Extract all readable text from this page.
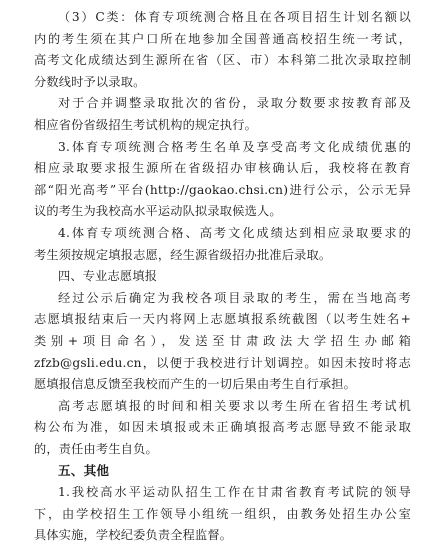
（3）C类：体育专项统测合格且在各项目招生计划名额以
内的考生须在其户口所在地参加全国普通高校招生统一考试，
高考文化成绩达到生源所在省（区、市）本科第二批次录取控制
分数线时予以录取。
对于合并调整录取批次的省份，录取分数要求按教育部及
相应省份省级招生考试机构的规定执行。
3.体育专项统测合格考生名单及享受高考文化成绩优惠的
相应录取要求报生源所在省级招办审核确认后，我校将在教育
部“阳光高考”平台(http://gaokao.chsi.cn)进行公示，公示无异
议的考生为我校高水平运动队拟录取候选人。
4.体育专项统测合格、高考文化成绩达到相应录取要求的
考生须按规定填报志愿，经生源省级招办批准后录取。
四、专业志愿填报
经过公示后确定为我校各项目录取的考生，需在当地高考
志愿填报结束后一天内将网上志愿填报系统截图（以考生姓名+
类别+项目命名），发送至甘肃政法大学招生办邮箱
zfzb@gsli.edu.cn，以便于我校进行计划调控。如因未按时将志
愿填报信息反馈至我校而产生的一切后果由考生自行承担。
高考志愿填报的时间和相关要求以考生所在省招生考试机
构公布为准，如因未填报或未正确填报高考志愿导致不能录取
的，责任由考生自负。
五、其他
1.我校高水平运动队招生工作在甘肃省教育考试院的领导
下，由学校招生工作领导小组统一组织，由教务处招生办公室
具体实施，学校纪委负责全程监督。
